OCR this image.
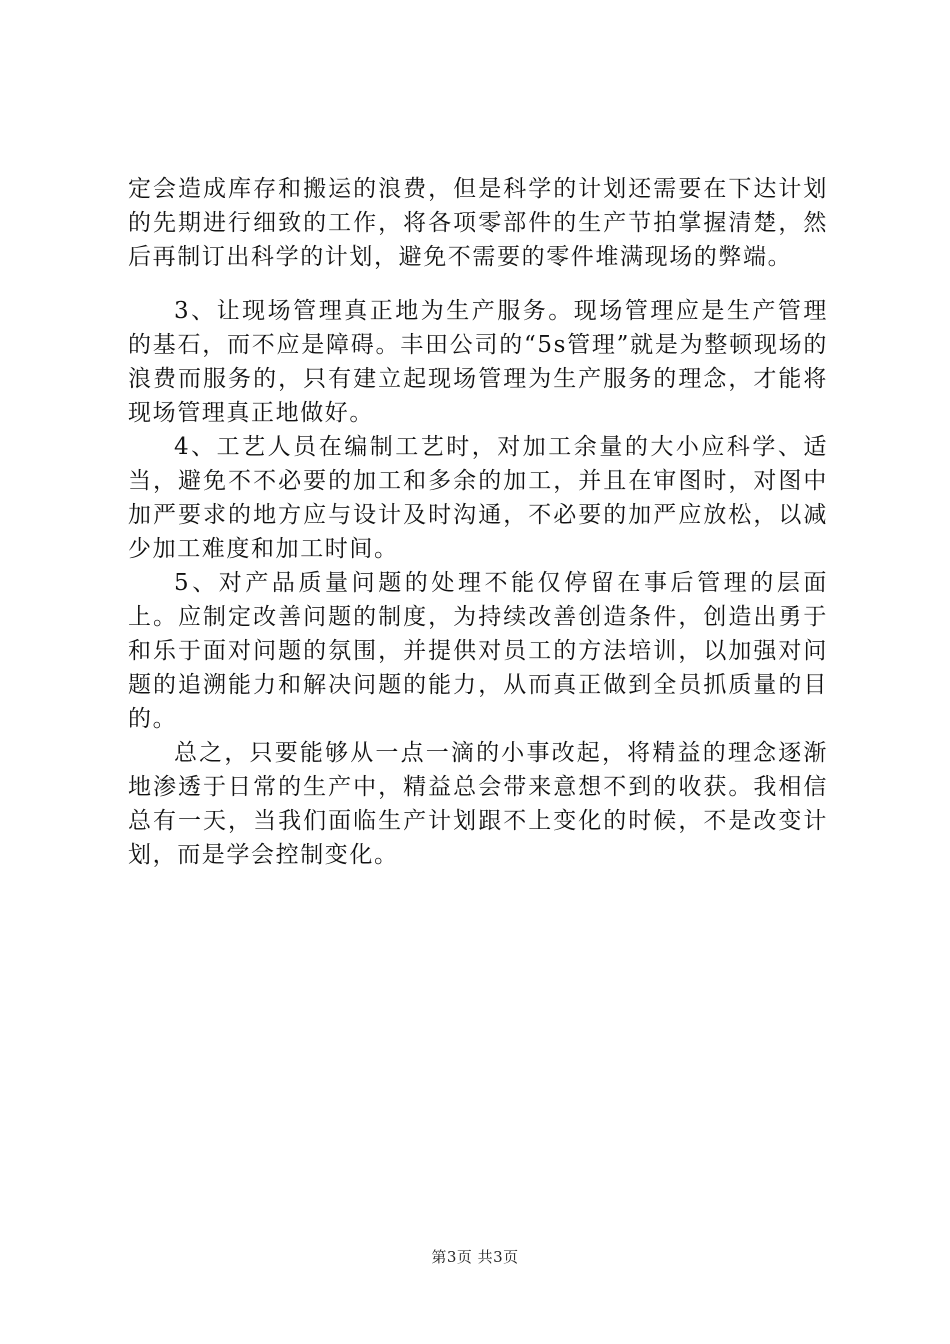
定会造成库存和搬运的浪费，但是科学的计划还需要在下达计划的先期进行细致的工作，将各项零部件的生产节拍掌握清楚，然后再制订出科学的计划，避免不需要的零件堆满现场的弊端。

3、让现场管理真正地为生产服务。现场管理应是生产管理的基石，而不应是障碍。丰田公司的“5s管理”就是为整顿现场的浪费而服务的，只有建立起现场管理为生产服务的理念，才能将现场管理真正地做好。

4、工艺人员在编制工艺时，对加工余量的大小应科学、适当，避免不不必要的加工和多余的加工，并且在审图时，对图中加严要求的地方应与设计及时沟通，不必要的加严应放松，以减少加工难度和加工时间。

5、对产品质量问题的处理不能仅停留在事后管理的层面上。应制定改善问题的制度，为持续改善创造条件，创造出勇于和乐于面对问题的氛围，并提供对员工的方法培训，以加强对问题的追溯能力和解决问题的能力，从而真正做到全员抓质量的目的。

总之，只要能够从一点一滴的小事改起，将精益的理念逐渐地渗透于日常的生产中，精益总会带来意想不到的收获。我相信总有一天，当我们面临生产计划跟不上变化的时候，不是改变计划，而是学会控制变化。

第3页 共3页
